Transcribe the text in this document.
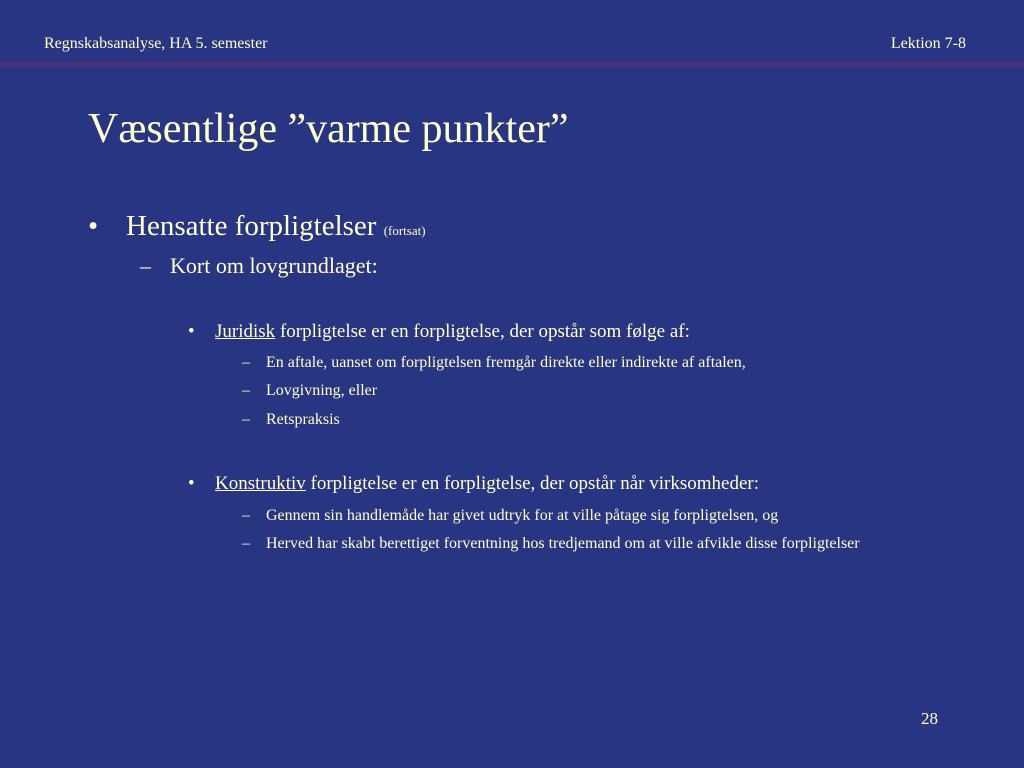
Regnskabsanalyse, HA 5. semester	Lektion 7-8
Væsentlige ”varme punkter”
• Hensatte forpligtelser (fortsat)
– Kort om lovgrundlaget:
• Juridisk forpligtelse er en forpligtelse, der opstår som følge af:
– En aftale, uanset om forpligtelsen fremgår direkte eller indirekte af aftalen,
– Lovgivning, eller
– Retspraksis
• Konstruktiv forpligtelse er en forpligtelse, der opstår når virksomheder:
– Gennem sin handlemåde har givet udtryk for at ville påtage sig forpligtelsen, og
– Herved har skabt berettiget forventning hos tredjemand om at ville afvikle disse forpligtelser
28
